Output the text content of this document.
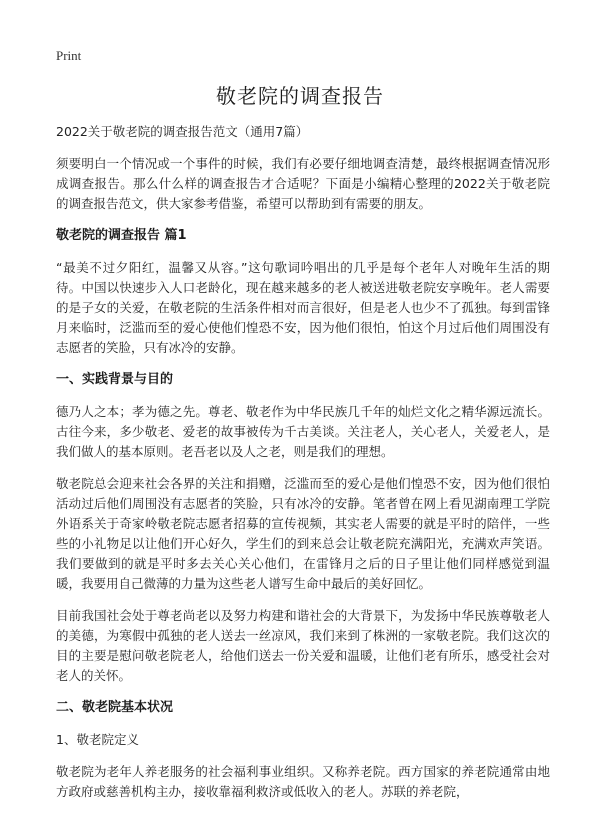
Print
敬老院的调查报告

2022关于敬老院的调查报告范文（通用7篇）

须要明白一个情况或一个事件的时候，我们有必要仔细地调查清楚，最终根据调查情况形成调查报告。那么什么样的调查报告才合适呢？下面是小编精心整理的2022关于敬老院的调查报告范文，供大家参考借鉴，希望可以帮助到有需要的朋友。

敬老院的调查报告 篇1

“最美不过夕阳红，温馨又从容。”这句歌词吟唱出的几乎是每个老年人对晚年生活的期待。中国以快速步入人口老龄化，现在越来越多的老人被送进敬老院安享晚年。老人需要的是子女的关爱，在敬老院的生活条件相对而言很好，但是老人也少不了孤独。每到雷锋月来临时，泛滥而至的爱心使他们惶恐不安，因为他们很怕，怕这个月过后他们周围没有志愿者的笑脸，只有冰冷的安静。

一、实践背景与目的

德乃人之本；孝为德之先。尊老、敬老作为中华民族几千年的灿烂文化之精华源远流长。古往今来，多少敬老、爱老的故事被传为千古美谈。关注老人，关心老人，关爱老人，是我们做人的基本原则。老吾老以及人之老，则是我们的理想。

敬老院总会迎来社会各界的关注和捐赠，泛滥而至的爱心是他们惶恐不安，因为他们很怕活动过后他们周围没有志愿者的笑脸，只有冰冷的安静。笔者曾在网上看见湖南理工学院外语系关于奇家岭敬老院志愿者招募的宣传视频，其实老人需要的就是平时的陪伴，一些些的小礼物足以让他们开心好久，学生们的到来总会让敬老院充满阳光，充满欢声笑语。我们要做到的就是平时多去关心关心他们，在雷锋月之后的日子里让他们同样感觉到温暖，我要用自己微薄的力量为这些老人谱写生命中最后的美好回忆。

目前我国社会处于尊老尚老以及努力构建和谐社会的大背景下，为发扬中华民族尊敬老人的美德，为寒假中孤独的老人送去一丝凉风，我们来到了株洲的一家敬老院。我们这次的目的主要是慰问敬老院老人，给他们送去一份关爱和温暖，让他们老有所乐，感受社会对老人的关怀。

二、敬老院基本状况
1、敬老院定义

敬老院为老年人养老服务的社会福利事业组织。又称养老院。西方国家的养老院通常由地方政府或慈善机构主办，接收靠福利救济或低收入的老人。苏联的养老院，
